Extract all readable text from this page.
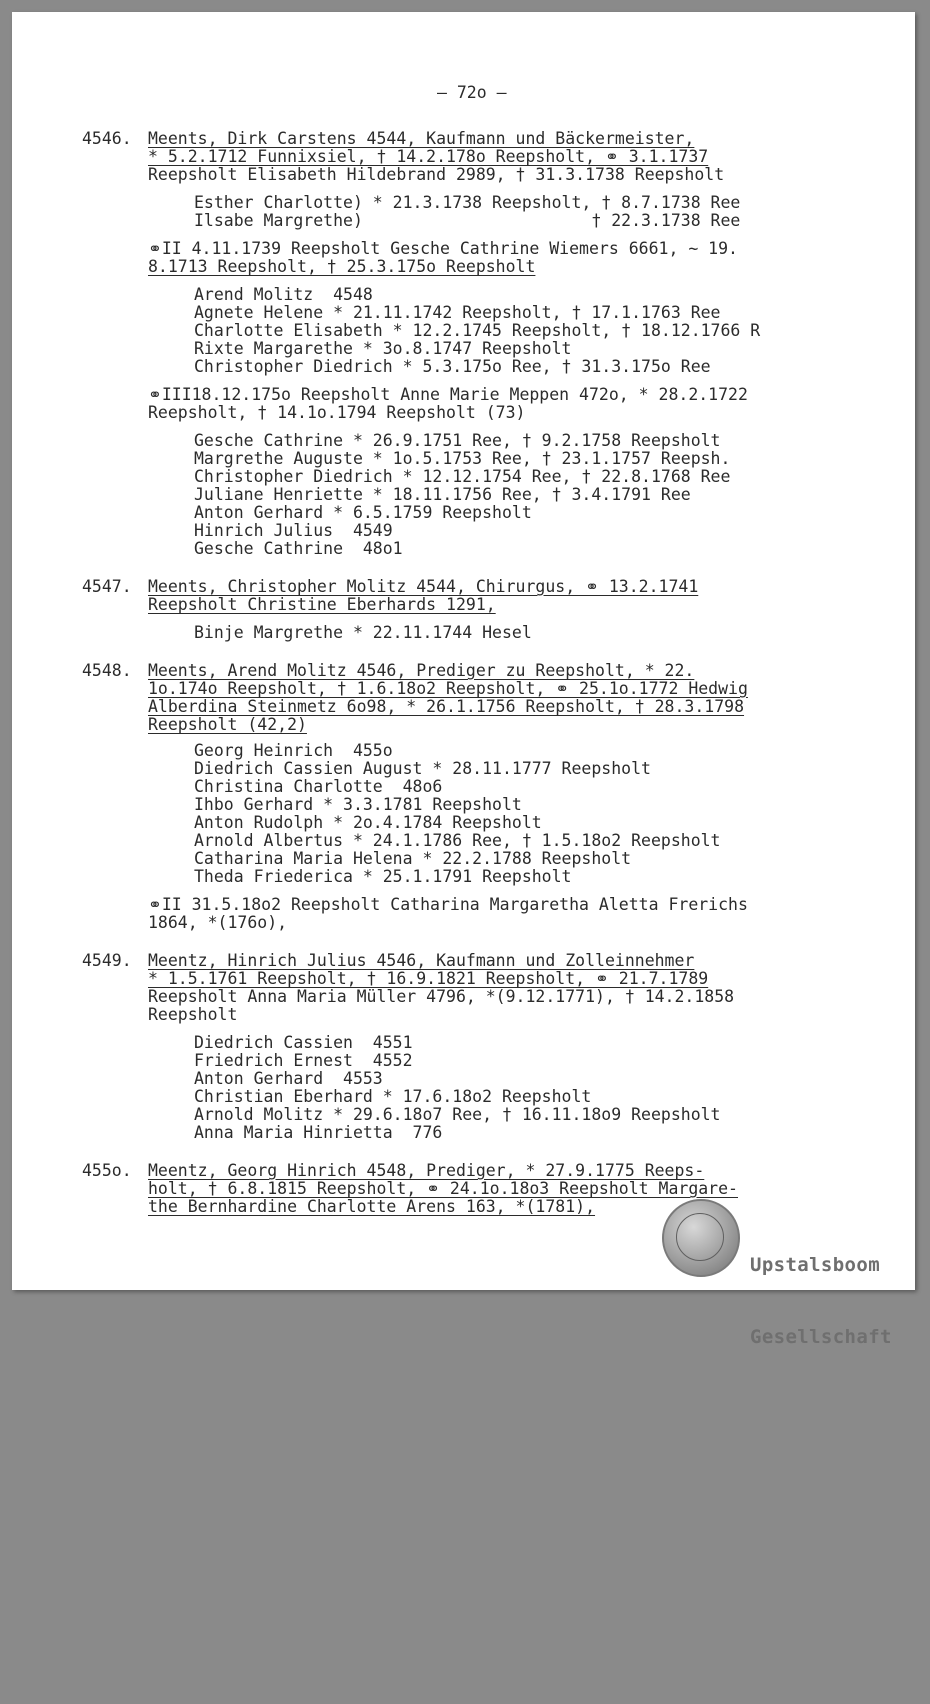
– 72o –

4546.

Meents, Dirk Carstens 4544, Kaufmann und Bäckermeister,

* 5.2.1712 Funnixsiel, † 14.2.178o Reepsholt, ⚭ 3.1.1737

Reepsholt Elisabeth Hildebrand 2989, † 31.3.1738 Reepsholt

Esther Charlotte) * 21.3.1738 Reepsholt, † 8.7.1738 Ree

Ilsabe Margrethe)                       † 22.3.1738 Ree

⚭II 4.11.1739 Reepsholt Gesche Cathrine Wiemers 6661, ~ 19.

8.1713 Reepsholt, † 25.3.175o Reepsholt

Arend Molitz  4548

Agnete Helene * 21.11.1742 Reepsholt, † 17.1.1763 Ree

Charlotte Elisabeth * 12.2.1745 Reepsholt, † 18.12.1766 R

Rixte Margarethe * 3o.8.1747 Reepsholt

Christopher Diedrich * 5.3.175o Ree, † 31.3.175o Ree

⚭III18.12.175o Reepsholt Anne Marie Meppen 472o, * 28.2.1722

Reepsholt, † 14.1o.1794 Reepsholt (73)

Gesche Cathrine * 26.9.1751 Ree, † 9.2.1758 Reepsholt

Margrethe Auguste * 1o.5.1753 Ree, † 23.1.1757 Reepsh.

Christopher Diedrich * 12.12.1754 Ree, † 22.8.1768 Ree

Juliane Henriette * 18.11.1756 Ree, † 3.4.1791 Ree

Anton Gerhard * 6.5.1759 Reepsholt

Hinrich Julius  4549

Gesche Cathrine  48o1

4547.

Meents, Christopher Molitz 4544, Chirurgus, ⚭ 13.2.1741

Reepsholt Christine Eberhards 1291,

Binje Margrethe * 22.11.1744 Hesel

4548.

Meents, Arend Molitz 4546, Prediger zu Reepsholt, * 22.

1o.174o Reepsholt, † 1.6.18o2 Reepsholt, ⚭ 25.1o.1772 Hedwig

Alberdina Steinmetz 6o98, * 26.1.1756 Reepsholt, † 28.3.1798

Reepsholt (42,2)

Georg Heinrich  455o

Diedrich Cassien August * 28.11.1777 Reepsholt

Christina Charlotte  48o6

Ihbo Gerhard * 3.3.1781 Reepsholt

Anton Rudolph * 2o.4.1784 Reepsholt

Arnold Albertus * 24.1.1786 Ree, † 1.5.18o2 Reepsholt

Catharina Maria Helena * 22.2.1788 Reepsholt

Theda Friederica * 25.1.1791 Reepsholt

⚭II 31.5.18o2 Reepsholt Catharina Margaretha Aletta Frerichs

1864, *(176o),

4549.

Meentz, Hinrich Julius 4546, Kaufmann und Zolleinnehmer

* 1.5.1761 Reepsholt, † 16.9.1821 Reepsholt, ⚭ 21.7.1789

Reepsholt Anna Maria Müller 4796, *(9.12.1771), † 14.2.1858

Reepsholt

Diedrich Cassien  4551

Friedrich Ernest  4552

Anton Gerhard  4553

Christian Eberhard * 17.6.18o2 Reepsholt

Arnold Molitz * 29.6.18o7 Ree, † 16.11.18o9 Reepsholt

Anna Maria Hinrietta  776

455o.

Meentz, Georg Hinrich 4548, Prediger, * 27.9.1775 Reeps-

holt, † 6.8.1815 Reepsholt, ⚭ 24.1o.18o3 Reepsholt Margare-

the Bernhardine Charlotte Arens 163, *(1781),

Upstalsboom

Gesellschaft
